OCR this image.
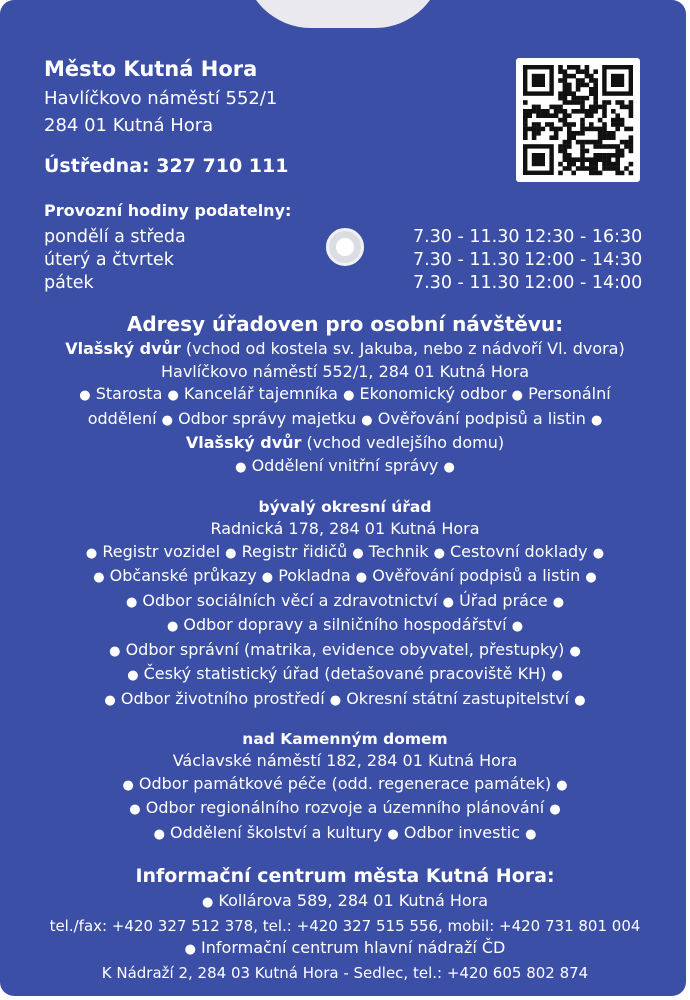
Město Kutná Hora
Havlíčkovo náměstí 552/1
284 01 Kutná Hora
Ústředna: 327 710 111
Provozní hodiny podatelny:
pondělí a středa	7.30 - 11.30 12:30 - 16:30
úterý a čtvrtek	7.30 - 11.30 12:00 - 14:30
pátek	7.30 - 11.30 12:00 - 14:00
Adresy úřadoven pro osobní návštěvu:
Vlašský dvůr (vchod od kostela sv. Jakuba, nebo z nádvoří Vl. dvora)
Havlíčkovo náměstí 552/1, 284 01 Kutná Hora
● Starosta ● Kancelář tajemníka ● Ekonomický odbor ● Personální
oddělení ● Odbor správy majetku ● Ověřování podpisů a listin ●
Vlašský dvůr (vchod vedlejšího domu)
● Oddělení vnitřní správy ●
bývalý okresní úřad
Radnická 178, 284 01 Kutná Hora
● Registr vozidel ● Registr řidičů ● Technik ● Cestovní doklady ●
● Občanské průkazy ● Pokladna ● Ověřování podpisů a listin ●
● Odbor sociálních věcí a zdravotnictví ● Úřad práce ●
● Odbor dopravy a silničního hospodářství ●
● Odbor správní (matrika, evidence obyvatel, přestupky) ●
● Český statistický úřad (detašované pracoviště KH) ●
● Odbor životního prostředí ● Okresní státní zastupitelství ●
nad Kamenným domem
Václavské náměstí 182, 284 01 Kutná Hora
● Odbor památkové péče (odd. regenerace památek) ●
● Odbor regionálního rozvoje a územního plánování ●
● Oddělení školství a kultury ● Odbor investic ●
Informační centrum města Kutná Hora:
● Kollárova 589, 284 01 Kutná Hora
tel./fax: +420 327 512 378, tel.: +420 327 515 556, mobil: +420 731 801 004
● Informační centrum hlavní nádraží ČD
K Nádraží 2, 284 03 Kutná Hora - Sedlec, tel.: +420 605 802 874
